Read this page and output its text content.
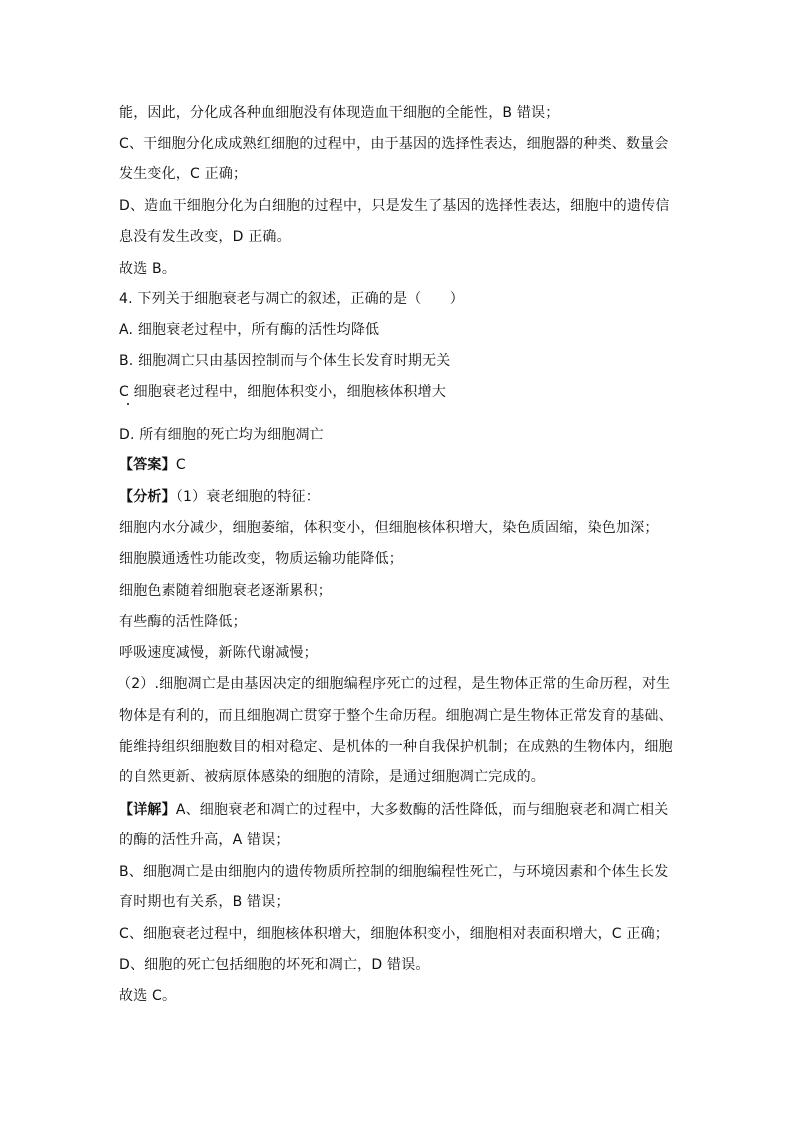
能，因此，分化成各种血细胞没有体现造血干细胞的全能性，B 错误；
C、干细胞分化成成熟红细胞的过程中，由于基因的选择性表达，细胞器的种类、数量会
发生变化，C 正确；
D、造血干细胞分化为白细胞的过程中，只是发生了基因的选择性表达，细胞中的遗传信
息没有发生改变，D 正确。
故选 B。
4. 下列关于细胞衰老与凋亡的叙述，正确的是（　　）
A. 细胞衰老过程中，所有酶的活性均降低
B. 细胞凋亡只由基因控制而与个体生长发育时期无关
C 细胞衰老过程中，细胞体积变小，细胞核体积增大
D. 所有细胞的死亡均为细胞凋亡
【答案】C
【分析】（1）衰老细胞的特征：
细胞内水分减少，细胞萎缩，体积变小，但细胞核体积增大，染色质固缩，染色加深；
细胞膜通透性功能改变，物质运输功能降低；
细胞色素随着细胞衰老逐渐累积；
有些酶的活性降低；
呼吸速度减慢，新陈代谢减慢；
（2）.细胞凋亡是由基因决定的细胞编程序死亡的过程，是生物体正常的生命历程，对生
物体是有利的，而且细胞凋亡贯穿于整个生命历程。细胞凋亡是生物体正常发育的基础、
能维持组织细胞数目的相对稳定、是机体的一种自我保护机制；在成熟的生物体内，细胞
的自然更新、被病原体感染的细胞的清除，是通过细胞凋亡完成的。
【详解】A、细胞衰老和凋亡的过程中，大多数酶的活性降低，而与细胞衰老和凋亡相关
的酶的活性升高，A 错误；
B、细胞凋亡是由细胞内的遗传物质所控制的细胞编程性死亡，与环境因素和个体生长发
育时期也有关系，B 错误；
C、细胞衰老过程中，细胞核体积增大，细胞体积变小，细胞相对表面积增大，C 正确；
D、细胞的死亡包括细胞的坏死和凋亡，D 错误。
故选 C。
